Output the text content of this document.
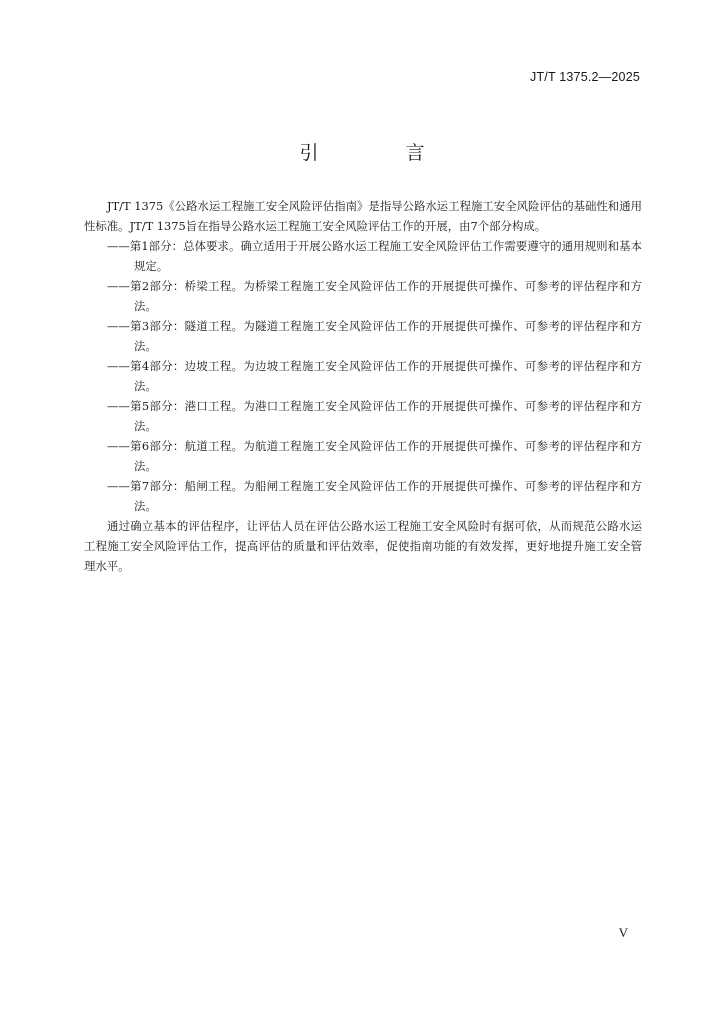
JT/T 1375.2—2025
引　言

JT/T 1375《公路水运工程施工安全风险评估指南》是指导公路水运工程施工安全风险评估的基础性和通用性标准。JT/T 1375旨在指导公路水运工程施工安全风险评估工作的开展，由7个部分构成。

——第1部分：总体要求。确立适用于开展公路水运工程施工安全风险评估工作需要遵守的通用规则和基本规定。

——第2部分：桥梁工程。为桥梁工程施工安全风险评估工作的开展提供可操作、可参考的评估程序和方法。

——第3部分：隧道工程。为隧道工程施工安全风险评估工作的开展提供可操作、可参考的评估程序和方法。

——第4部分：边坡工程。为边坡工程施工安全风险评估工作的开展提供可操作、可参考的评估程序和方法。

——第5部分：港口工程。为港口工程施工安全风险评估工作的开展提供可操作、可参考的评估程序和方法。

——第6部分：航道工程。为航道工程施工安全风险评估工作的开展提供可操作、可参考的评估程序和方法。

——第7部分：船闸工程。为船闸工程施工安全风险评估工作的开展提供可操作、可参考的评估程序和方法。

通过确立基本的评估程序，让评估人员在评估公路水运工程施工安全风险时有据可依，从而规范公路水运工程施工安全风险评估工作，提高评估的质量和评估效率，促使指南功能的有效发挥，更好地提升施工安全管理水平。

V
